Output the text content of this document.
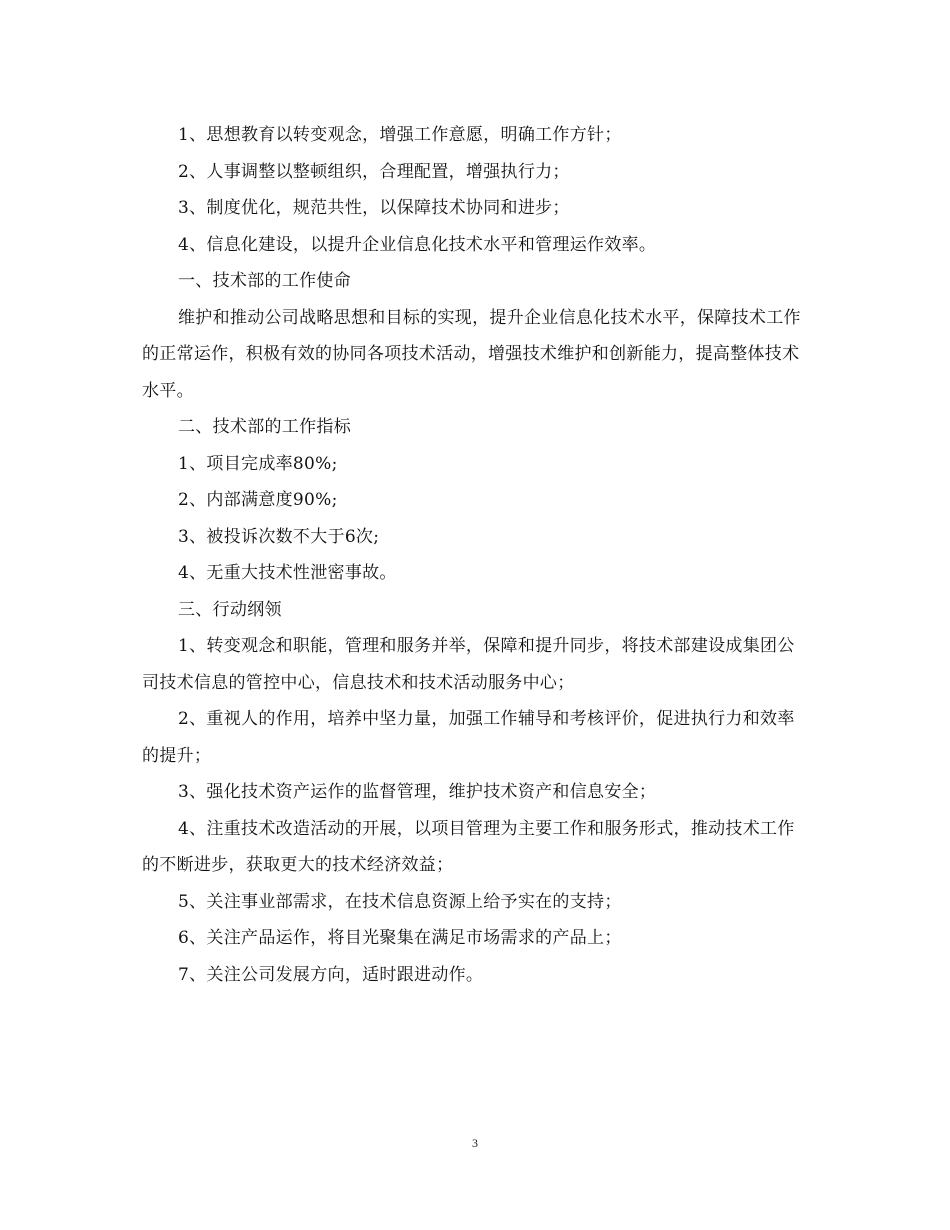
1、思想教育以转变观念，增强工作意愿，明确工作方针；

2、人事调整以整顿组织，合理配置，增强执行力；

3、制度优化，规范共性，以保障技术协同和进步；

4、信息化建设，以提升企业信息化技术水平和管理运作效率。

一、技术部的工作使命

维护和推动公司战略思想和目标的实现，提升企业信息化技术水平，保障技术工作的正常运作，积极有效的协同各项技术活动，增强技术维护和创新能力，提高整体技术水平。

二、技术部的工作指标

1、项目完成率80%;

2、内部满意度90%;

3、被投诉次数不大于6次;

4、无重大技术性泄密事故。

三、行动纲领

1、转变观念和职能，管理和服务并举，保障和提升同步，将技术部建设成集团公司技术信息的管控中心，信息技术和技术活动服务中心；

2、重视人的作用，培养中坚力量，加强工作辅导和考核评价，促进执行力和效率的提升；

3、强化技术资产运作的监督管理，维护技术资产和信息安全；

4、注重技术改造活动的开展，以项目管理为主要工作和服务形式，推动技术工作的不断进步，获取更大的技术经济效益；

5、关注事业部需求，在技术信息资源上给予实在的支持；

6、关注产品运作，将目光聚集在满足市场需求的产品上；

7、关注公司发展方向，适时跟进动作。

3
